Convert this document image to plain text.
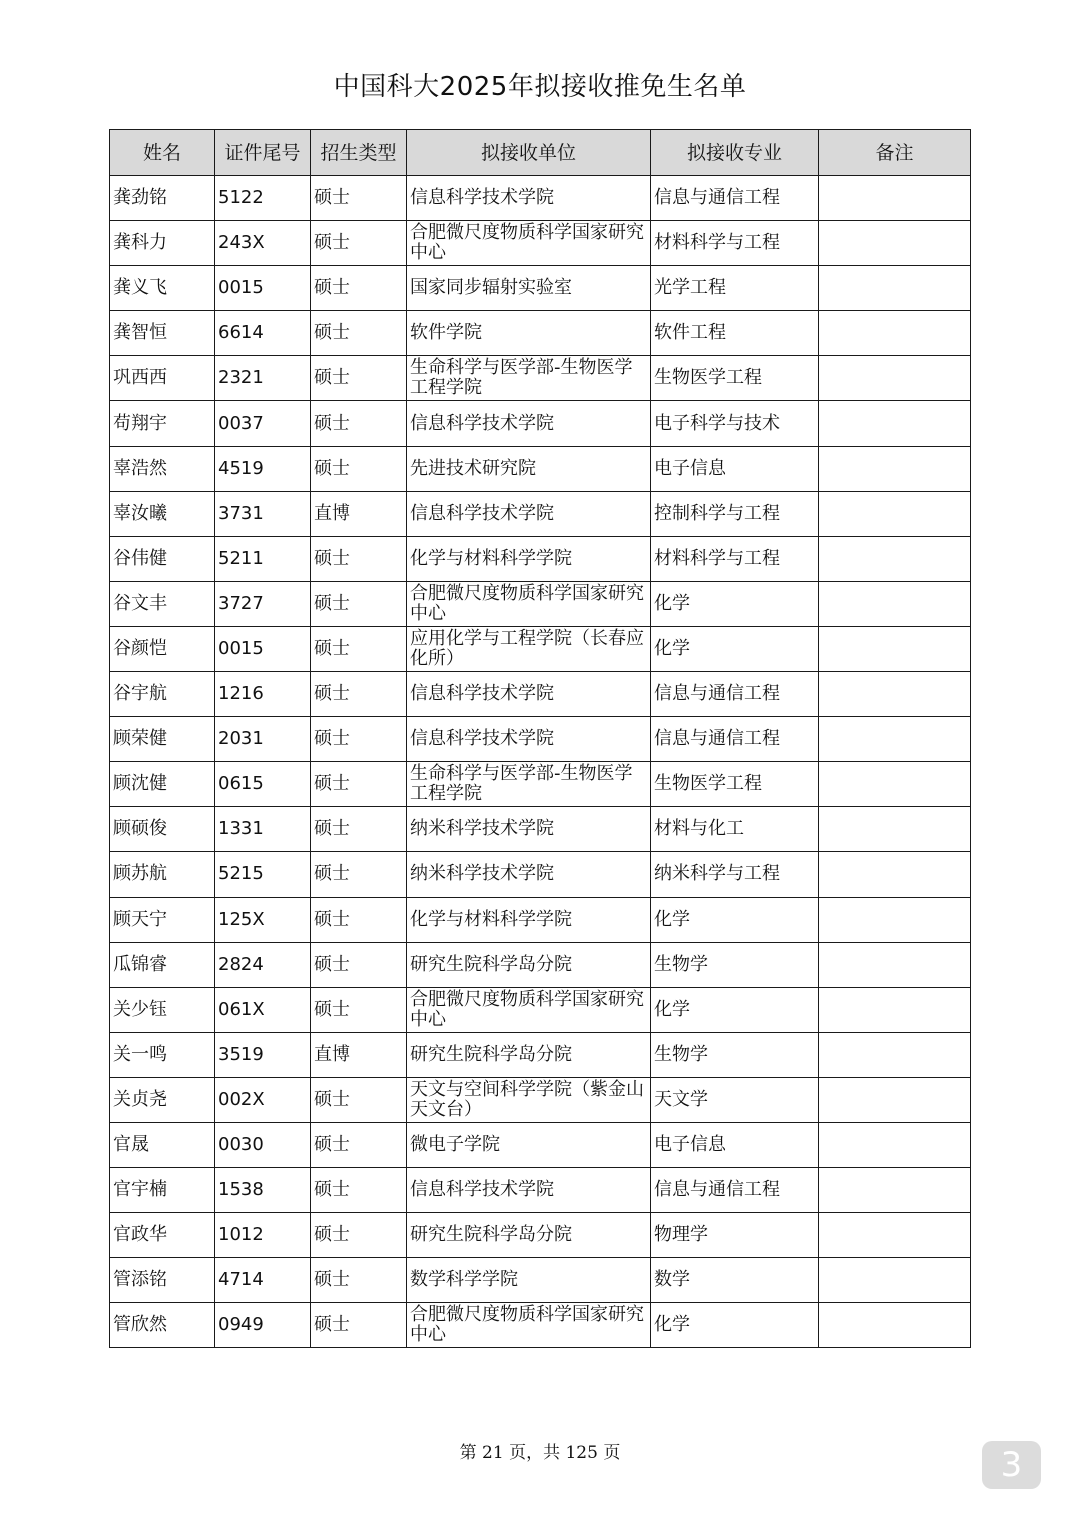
中国科大2025年拟接收推免生名单
姓名	证件尾号	招生类型	拟接收单位	拟接收专业	备注

龚劲铭	5122	硕士	信息科学技术学院	信息与通信工程	

龚科力	243X	硕士	合肥微尺度物质科学国家研究中心	材料科学与工程	

龚义飞	0015	硕士	国家同步辐射实验室	光学工程	

龚智恒	6614	硕士	软件学院	软件工程	

巩西西	2321	硕士	生命科学与医学部-生物医学工程学院	生物医学工程	

苟翔宇	0037	硕士	信息科学技术学院	电子科学与技术	

辜浩然	4519	硕士	先进技术研究院	电子信息	

辜汝曦	3731	直博	信息科学技术学院	控制科学与工程	

谷伟健	5211	硕士	化学与材料科学学院	材料科学与工程	

谷文丰	3727	硕士	合肥微尺度物质科学国家研究中心	化学	

谷颜恺	0015	硕士	应用化学与工程学院（长春应化所）	化学	

谷宇航	1216	硕士	信息科学技术学院	信息与通信工程	

顾荣健	2031	硕士	信息科学技术学院	信息与通信工程	

顾沈健	0615	硕士	生命科学与医学部-生物医学工程学院	生物医学工程	

顾硕俊	1331	硕士	纳米科学技术学院	材料与化工	

顾苏航	5215	硕士	纳米科学技术学院	纳米科学与工程	

顾天宁	125X	硕士	化学与材料科学学院	化学	

瓜锦睿	2824	硕士	研究生院科学岛分院	生物学	

关少钰	061X	硕士	合肥微尺度物质科学国家研究中心	化学	

关一鸣	3519	直博	研究生院科学岛分院	生物学	

关贞尧	002X	硕士	天文与空间科学学院（紫金山天文台）	天文学	

官晟	0030	硕士	微电子学院	电子信息	

官宇楠	1538	硕士	信息科学技术学院	信息与通信工程	

官政华	1012	硕士	研究生院科学岛分院	物理学	

管添铭	4714	硕士	数学科学学院	数学	

管欣然	0949	硕士	合肥微尺度物质科学国家研究中心	化学	

第 21 页，共 125 页	3
